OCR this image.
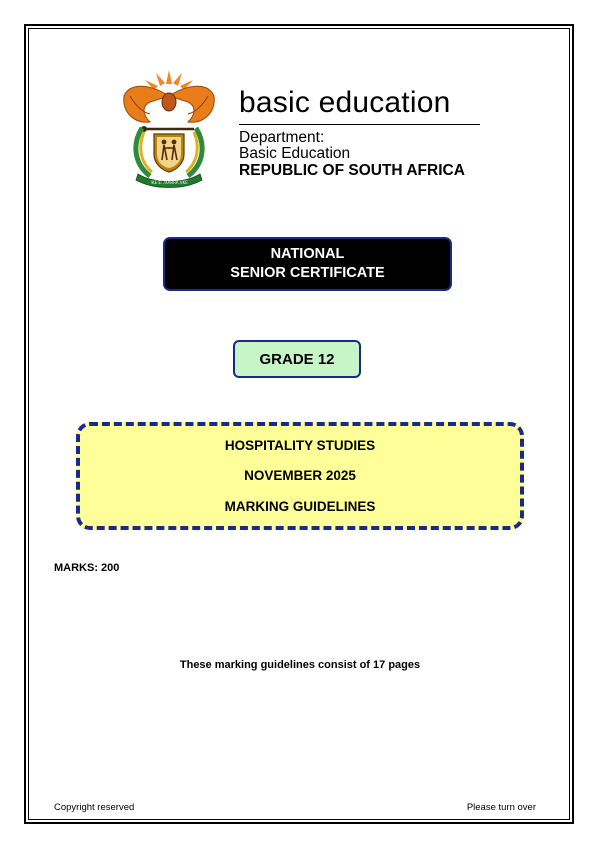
!KE E: /XARRA //KE
basic education
Department:
Basic Education
REPUBLIC OF SOUTH AFRICA
NATIONAL
SENIOR CERTIFICATE
GRADE 12
HOSPITALITY STUDIES
NOVEMBER 2025
MARKING GUIDELINES
MARKS: 200
These marking guidelines consist of 17 pages
Copyright reserved	Please turn over
